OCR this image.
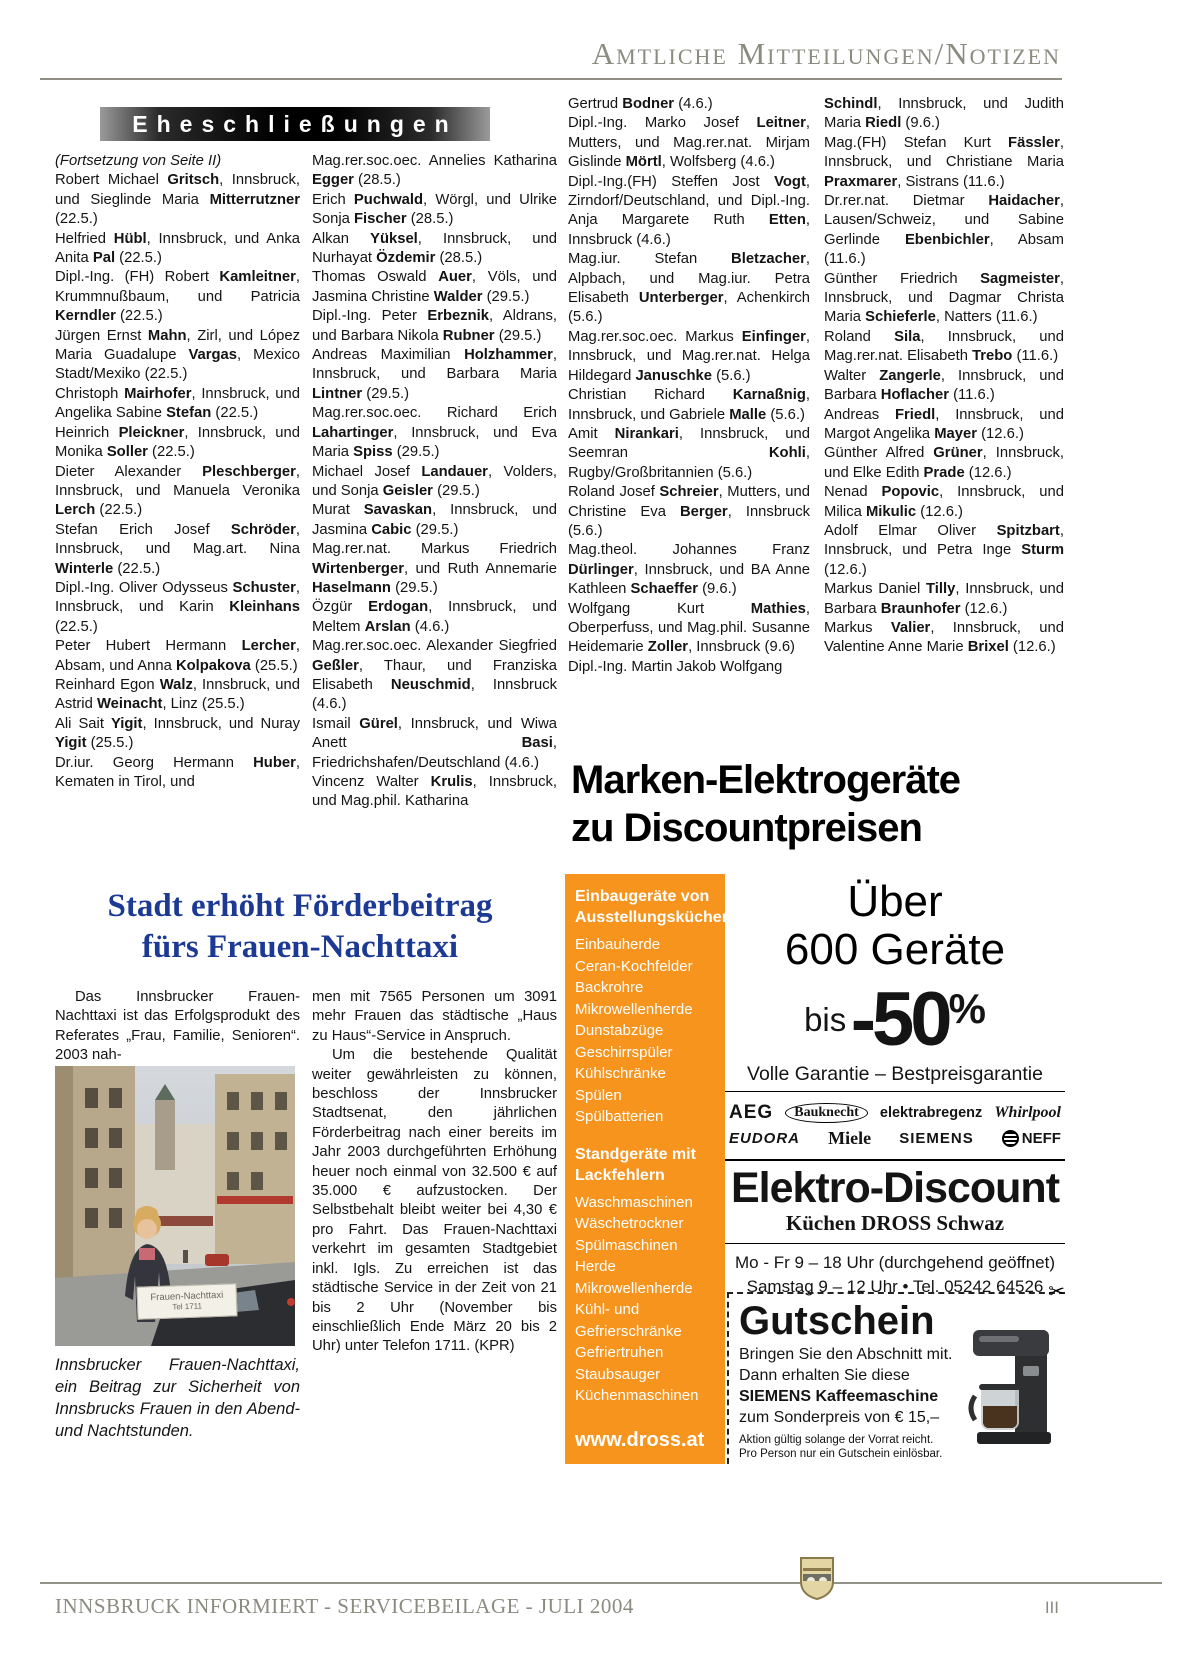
Amtliche Mitteilungen/Notizen
Eheschließungen

(Fortsetzung von Seite II)

Robert Michael Gritsch, Innsbruck, und Sieglinde Maria Mitterrutzner (22.5.)

Helfried Hübl, Innsbruck, und Anka Anita Pal (22.5.)

Dipl.-Ing. (FH) Robert Kamleitner, Krummnußbaum, und Patricia Kerndler (22.5.)

Jürgen Ernst Mahn, Zirl, und López Maria Guadalupe Vargas, Mexico Stadt/Mexiko (22.5.)

Christoph Mairhofer, Innsbruck, und Angelika Sabine Stefan (22.5.)

Heinrich Pleickner, Innsbruck, und Monika Soller (22.5.)

Dieter Alexander Pleschberger, Innsbruck, und Manuela Veronika Lerch (22.5.)

Stefan Erich Josef Schröder, Innsbruck, und Mag.art. Nina Winterle (22.5.)

Dipl.-Ing. Oliver Odysseus Schuster, Innsbruck, und Karin Kleinhans (22.5.)

Peter Hubert Hermann Lercher, Absam, und Anna Kolpakova (25.5.)

Reinhard Egon Walz, Innsbruck, und Astrid Weinacht, Linz (25.5.)

Ali Sait Yigit, Innsbruck, und Nuray Yigit (25.5.)

Dr.iur. Georg Hermann Huber, Kematen in Tirol, und

Mag.rer.soc.oec. Annelies Katharina Egger (28.5.)

Erich Puchwald, Wörgl, und Ulrike Sonja Fischer (28.5.)

Alkan Yüksel, Innsbruck, und Nurhayat Özdemir (28.5.)

Thomas Oswald Auer, Völs, und Jasmina Christine Walder (29.5.)

Dipl.-Ing. Peter Erbeznik, Aldrans, und Barbara Nikola Rubner (29.5.)

Andreas Maximilian Holzhammer, Innsbruck, und Barbara Maria Lintner (29.5.)

Mag.rer.soc.oec. Richard Erich Lahartinger, Innsbruck, und Eva Maria Spiss (29.5.)

Michael Josef Landauer, Volders, und Sonja Geisler (29.5.)

Murat Savaskan, Innsbruck, und Jasmina Cabic (29.5.)

Mag.rer.nat. Markus Friedrich Wirtenberger, und Ruth Annemarie Haselmann (29.5.)

Özgür Erdogan, Innsbruck, und Meltem Arslan (4.6.)

Mag.rer.soc.oec. Alexander Siegfried Geßler, Thaur, und Franziska Elisabeth Neuschmid, Innsbruck (4.6.)

Ismail Gürel, Innsbruck, und Wiwa Anett Basi, Friedrichshafen/Deutschland (4.6.)

Vincenz Walter Krulis, Innsbruck, und Mag.phil. Katharina

Gertrud Bodner (4.6.)

Dipl.-Ing. Marko Josef Leitner, Mutters, und Mag.rer.nat. Mirjam Gislinde Mörtl, Wolfsberg (4.6.)

Dipl.-Ing.(FH) Steffen Jost Vogt, Zirndorf/Deutschland, und Dipl.-Ing. Anja Margarete Ruth Etten, Innsbruck (4.6.)

Mag.iur. Stefan Bletzacher, Alpbach, und Mag.iur. Petra Elisabeth Unterberger, Achenkirch (5.6.)

Mag.rer.soc.oec. Markus Einfinger, Innsbruck, und Mag.rer.nat. Helga Hildegard Januschke (5.6.)

Christian Richard Karnaßnig, Innsbruck, und Gabriele Malle (5.6.)

Amit Nirankari, Innsbruck, und Seemran Kohli, Rugby/Großbritannien (5.6.)

Roland Josef Schreier, Mutters, und Christine Eva Berger, Innsbruck (5.6.)

Mag.theol. Johannes Franz Dürlinger, Innsbruck, und BA Anne Kathleen Schaeffer (9.6.)

Wolfgang Kurt Mathies, Oberperfuss, und Mag.phil. Susanne Heidemarie Zoller, Innsbruck (9.6)

Dipl.-Ing. Martin Jakob Wolfgang

Schindl, Innsbruck, und Judith Maria Riedl (9.6.)

Mag.(FH) Stefan Kurt Fässler, Innsbruck, und Christiane Maria Praxmarer, Sistrans (11.6.)

Dr.rer.nat. Dietmar Haidacher, Lausen/Schweiz, und Sabine Gerlinde Ebenbichler, Absam (11.6.)

Günther Friedrich Sagmeister, Innsbruck, und Dagmar Christa Maria Schieferle, Natters (11.6.)

Roland Sila, Innsbruck, und Mag.rer.nat. Elisabeth Trebo (11.6.)

Walter Zangerle, Innsbruck, und Barbara Hoflacher (11.6.)

Andreas Friedl, Innsbruck, und Margot Angelika Mayer (12.6.)

Günther Alfred Grüner, Innsbruck, und Elke Edith Prade (12.6.)

Nenad Popovic, Innsbruck, und Milica Mikulic (12.6.)

Adolf Elmar Oliver Spitzbart, Innsbruck, und Petra Inge Sturm (12.6.)

Markus Daniel Tilly, Innsbruck, und Barbara Braunhofer (12.6.)

Markus Valier, Innsbruck, und Valentine Anne Marie Brixel (12.6.)

Stadt erhöht Förderbeitrag
fürs Frauen-Nachttaxi

Das Innsbrucker Frauen-Nachttaxi ist das Erfolgsprodukt des Referates „Frau, Familie, Senioren“. 2003 nah-

Frauen-Nachttaxi
Tel 1711
Innsbrucker Frauen-Nachttaxi, ein Beitrag zur Sicherheit von Innsbrucks Frauen in den Abend- und Nachtstunden.

men mit 7565 Personen um 3091 mehr Frauen das städtische „Haus zu Haus“-Service in Anspruch.

Um die bestehende Qualität weiter gewährleisten zu können, beschloss der Innsbrucker Stadtsenat, den jährlichen Förderbeitrag nach einer bereits im Jahr 2003 durchgeführten Erhöhung heuer noch einmal von 32.500 € auf 35.000 € aufzustocken. Der Selbstbehalt bleibt weiter bei 4,30 € pro Fahrt. Das Frauen-Nachttaxi verkehrt im gesamten Stadtgebiet inkl. Igls. Zu erreichen ist das städtische Service in der Zeit von 21 bis 2 Uhr (November bis einschließlich Ende März 20 bis 2 Uhr) unter Telefon 1711. (KPR)

Marken-Elektrogeräte
zu Discountpreisen

Einbaugeräte von Ausstellungsküchen

Einbauherde

Ceran-Kochfelder

Backrohre

Mikrowellenherde

Dunstabzüge

Geschirrspüler

Kühlschränke

Spülen

Spülbatterien

Standgeräte mit Lackfehlern

Waschmaschinen

Wäschetrockner

Spülmaschinen

Herde

Mikrowellenherde

Kühl- und Gefrierschränke

Gefriertruhen

Staubsauger

Küchenmaschinen

www.dross.at
Über
600 Geräte
bis -50%
Volle Garantie – Bestpreisgarantie
AEG	Bauknecht	elektrabregenz Whirlpool
EUDORA Miele SIEMENS	NEFF
Elektro-Discount
Küchen DROSS Schwaz
Mo - Fr 9 – 18 Uhr (durchgehend geöffnet)
Samstag 9 – 12 Uhr • Tel. 05242 64526 ✂
Gutschein
Bringen Sie den Abschnitt mit.
Dann erhalten Sie diese
SIEMENS Kaffeemaschine
zum Sonderpreis von € 15,–
Aktion gültig solange der Vorrat reicht.
Pro Person nur ein Gutschein einlösbar.
INNSBRUCK INFORMIERT - SERVICEBEILAGE - JULI 2004	III
